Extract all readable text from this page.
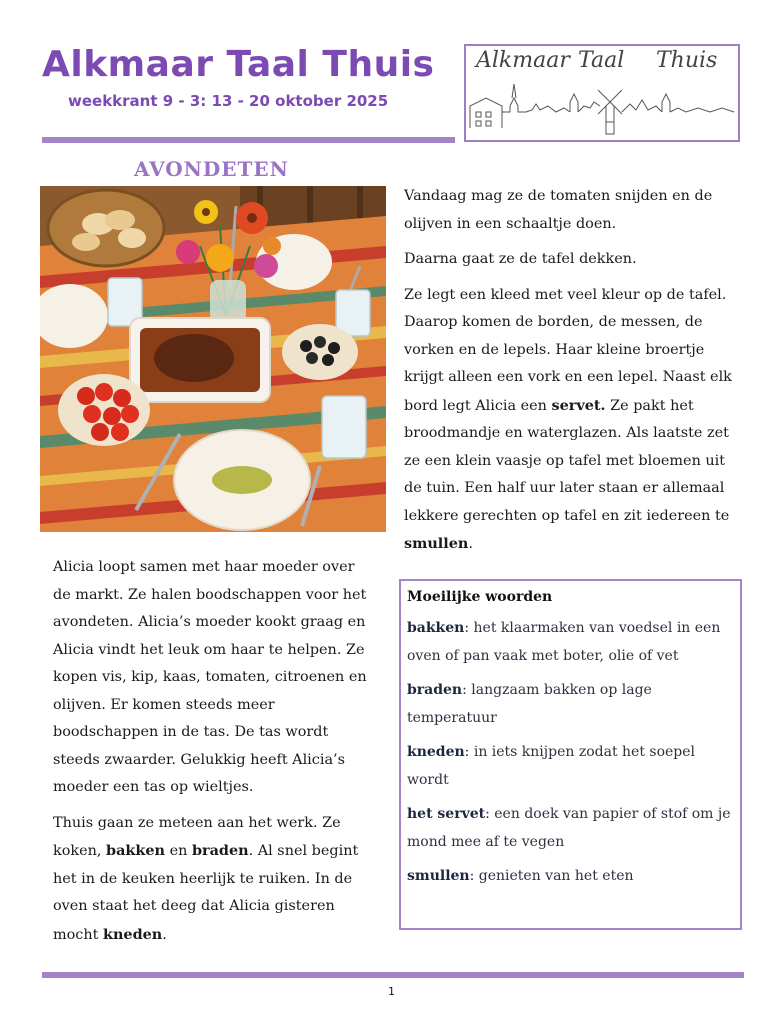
Alkmaar Taal Thuis
weekkrant 9 - 3: 13 - 20 oktober 2025
Alkmaar Taal Thuis
AVONDETEN

Alicia loopt samen met haar moeder over de markt. Ze halen boodschappen voor het avondeten. Alicia’s moeder kookt graag en Alicia vindt het leuk om haar te helpen. Ze kopen vis, kip, kaas, tomaten, citroenen en olijven. Er komen steeds meer boodschappen in de tas. De tas wordt steeds zwaarder. Gelukkig heeft Alicia’s moeder een tas op wieltjes.

Thuis gaan ze meteen aan het werk. Ze koken, bakken en braden. Al snel begint het in de keuken heerlijk te ruiken. In de oven staat het deeg dat Alicia gisteren mocht kneden.

Vandaag mag ze de tomaten snijden en de olijven in een schaaltje doen.

Daarna gaat ze de tafel dekken.

Ze legt een kleed met veel kleur op de tafel. Daarop komen de borden, de messen, de vorken en de lepels. Haar kleine broertje krijgt alleen een vork en een lepel. Naast elk bord legt Alicia een servet. Ze pakt het broodmandje en waterglazen. Als laatste zet ze een klein vaasje op tafel met bloemen uit de tuin. Een half uur later staan er allemaal lekkere gerechten op tafel en zit iedereen te smullen.

Moeilijke woorden
bakken: het klaarmaken van voedsel in een oven of pan vaak met boter, olie of vet
braden: langzaam bakken op lage temperatuur
kneden: in iets knijpen zodat het soepel wordt
het servet: een doek van papier of stof om je mond mee af te vegen
smullen: genieten van het eten
1
